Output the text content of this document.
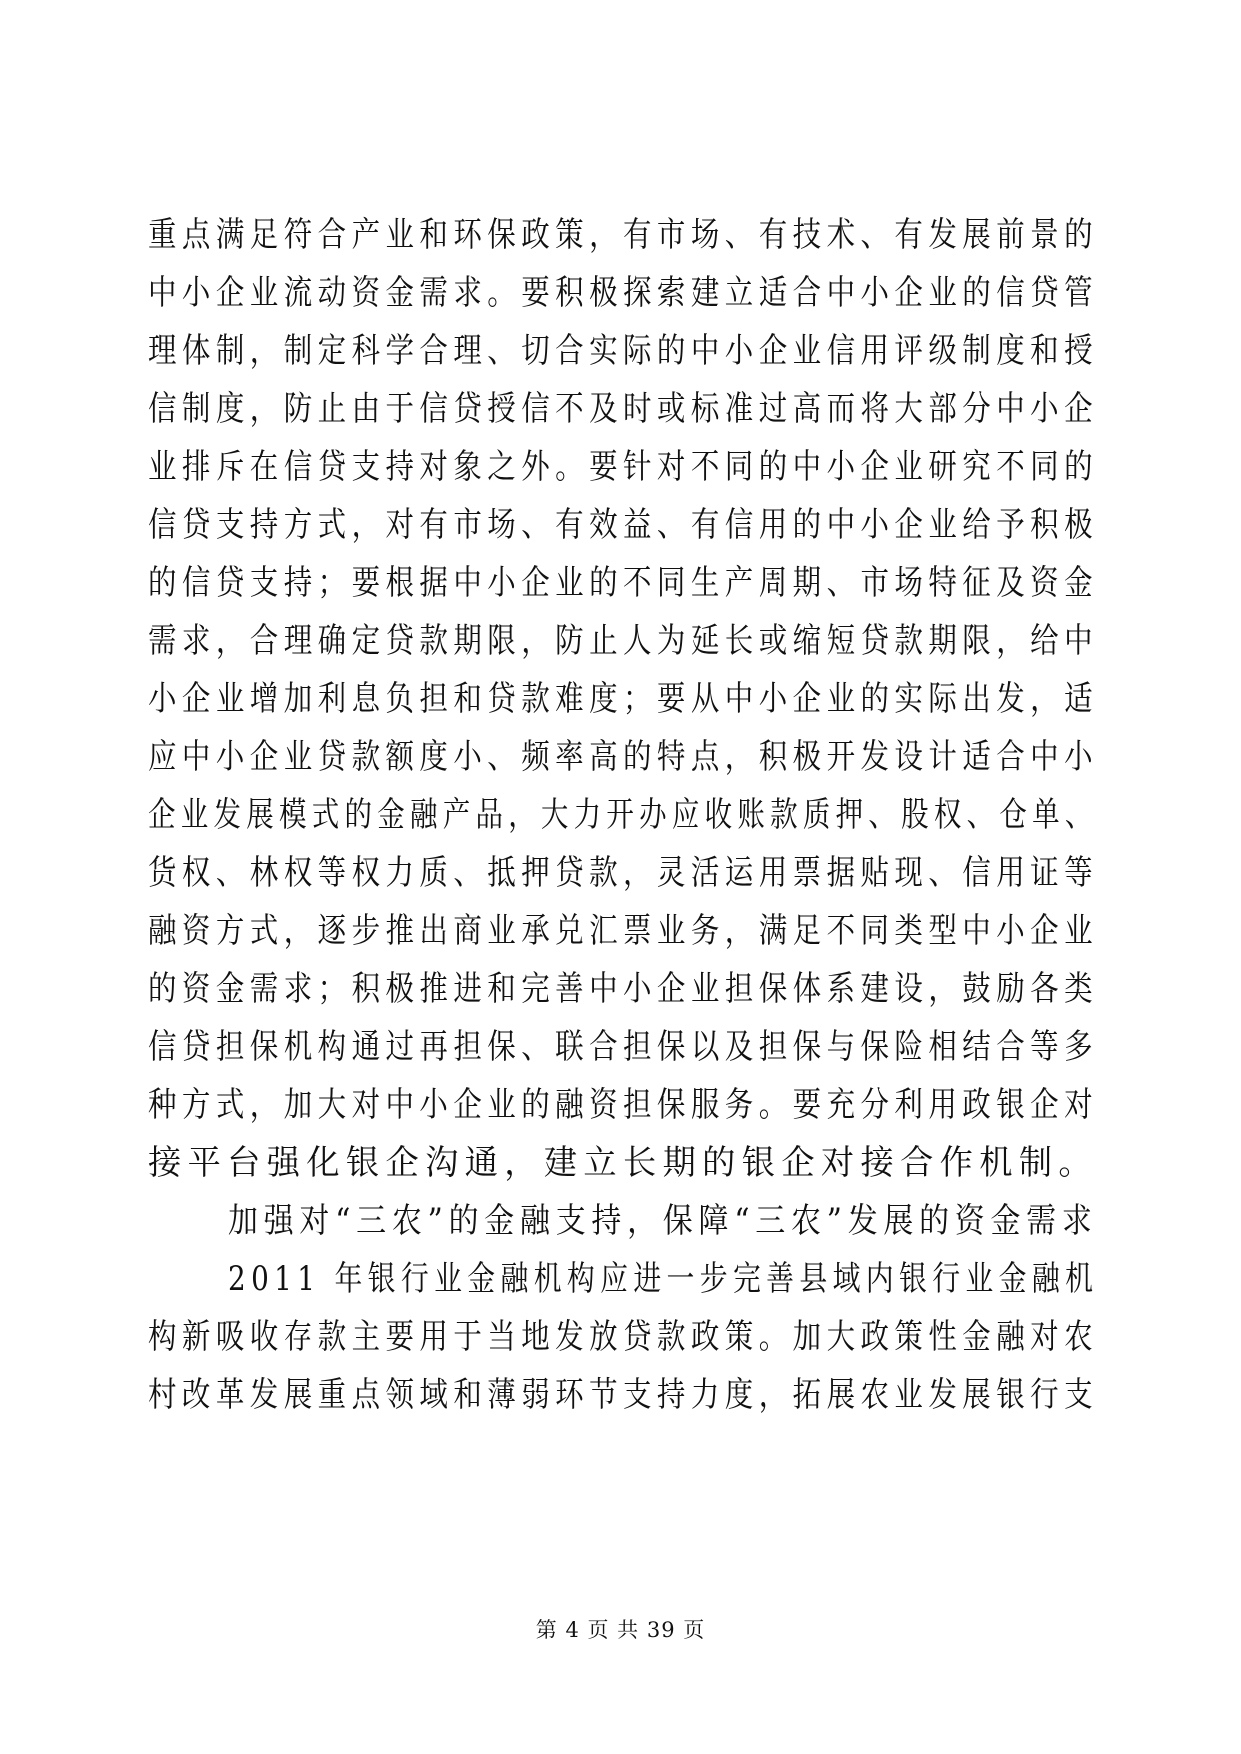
重点满足符合产业和环保政策，有市场、有技术、有发展前景的
中小企业流动资金需求。要积极探索建立适合中小企业的信贷管
理体制，制定科学合理、切合实际的中小企业信用评级制度和授
信制度，防止由于信贷授信不及时或标准过高而将大部分中小企
业排斥在信贷支持对象之外。要针对不同的中小企业研究不同的
信贷支持方式，对有市场、有效益、有信用的中小企业给予积极
的信贷支持；要根据中小企业的不同生产周期、市场特征及资金
需求，合理确定贷款期限，防止人为延长或缩短贷款期限，给中
小企业增加利息负担和贷款难度；要从中小企业的实际出发，适
应中小企业贷款额度小、频率高的特点，积极开发设计适合中小
企业发展模式的金融产品，大力开办应收账款质押、股权、仓单、
货权、林权等权力质、抵押贷款，灵活运用票据贴现、信用证等
融资方式，逐步推出商业承兑汇票业务，满足不同类型中小企业
的资金需求；积极推进和完善中小企业担保体系建设，鼓励各类
信贷担保机构通过再担保、联合担保以及担保与保险相结合等多
种方式，加大对中小企业的融资担保服务。要充分利用政银企对
接平台强化银企沟通，建立长期的银企对接合作机制。
加强对“三农”的金融支持，保障“三农”发展的资金需求
2011 年银行业金融机构应进一步完善县域内银行业金融机
构新吸收存款主要用于当地发放贷款政策。加大政策性金融对农
村改革发展重点领域和薄弱环节支持力度，拓展农业发展银行支
第 4 页 共 39 页
